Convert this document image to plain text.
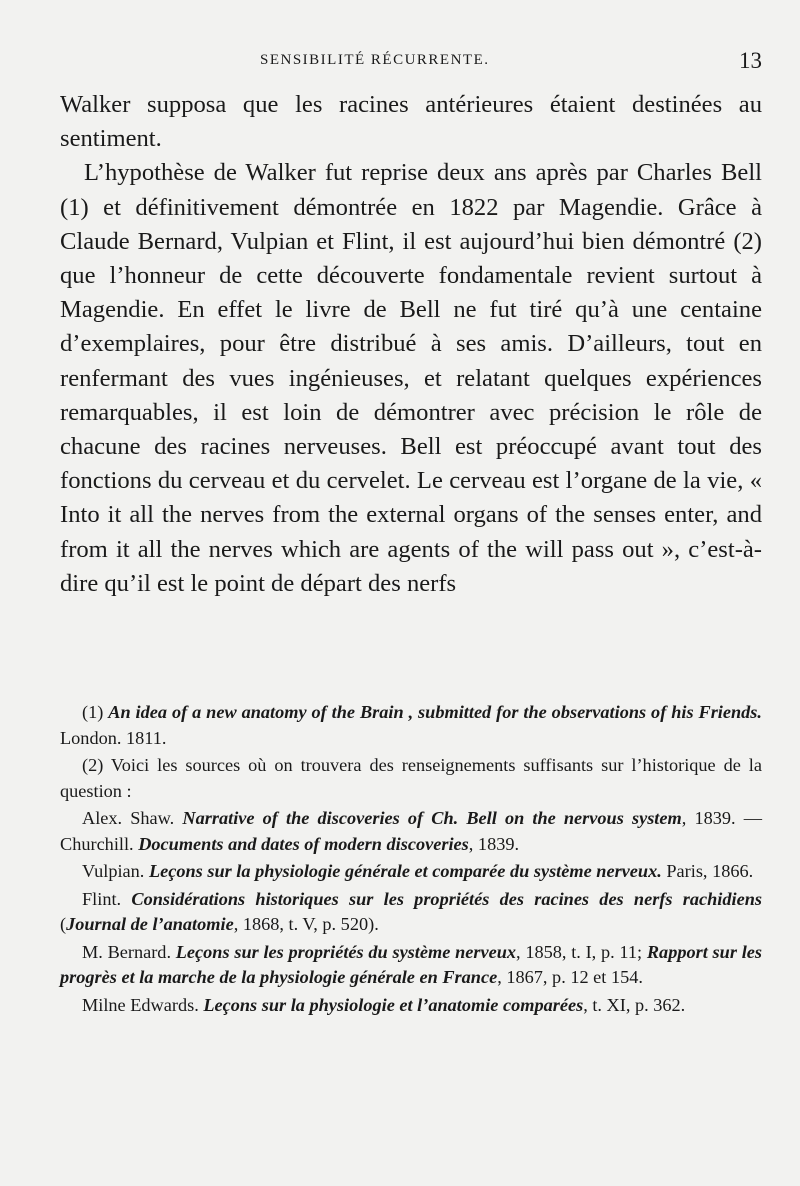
SENSIBILITÉ RÉCURRENTE.	13

Walker supposa que les racines antérieures étaient destinées au sentiment.

L’hypothèse de Walker fut reprise deux ans après par Charles Bell (1) et définitivement démontrée en 1822 par Magendie. Grâce à Claude Bernard, Vulpian et Flint, il est aujourd’hui bien démontré (2) que l’honneur de cette découverte fondamentale revient surtout à Magendie. En effet le livre de Bell ne fut tiré qu’à une centaine d’exemplaires, pour être distribué à ses amis. D’ailleurs, tout en renfermant des vues ingénieuses, et relatant quelques expériences remarquables, il est loin de démontrer avec précision le rôle de chacune des racines nerveuses. Bell est préoccupé avant tout des fonctions du cerveau et du cervelet. Le cerveau est l’organe de la vie, « Into it all the nerves from the external organs of the senses enter, and from it all the nerves which are agents of the will pass out », c’est-à-dire qu’il est le point de départ des nerfs

(1) An idea of a new anatomy of the Brain , submitted for the observations of his Friends. London. 1811.

(2) Voici les sources où on trouvera des renseignements suffisants sur l’historique de la question :

Alex. Shaw. Narrative of the discoveries of Ch. Bell on the nervous system, 1839. — Churchill. Documents and dates of modern discoveries, 1839.

Vulpian. Leçons sur la physiologie générale et comparée du système nerveux. Paris, 1866.

Flint. Considérations historiques sur les propriétés des racines des nerfs rachidiens (Journal de l’anatomie, 1868, t. V, p. 520).

M. Bernard. Leçons sur les propriétés du système nerveux, 1858, t. I, p. 11; Rapport sur les progrès et la marche de la physiologie générale en France, 1867, p. 12 et 154.

Milne Edwards. Leçons sur la physiologie et l’anatomie comparées, t. XI, p. 362.
